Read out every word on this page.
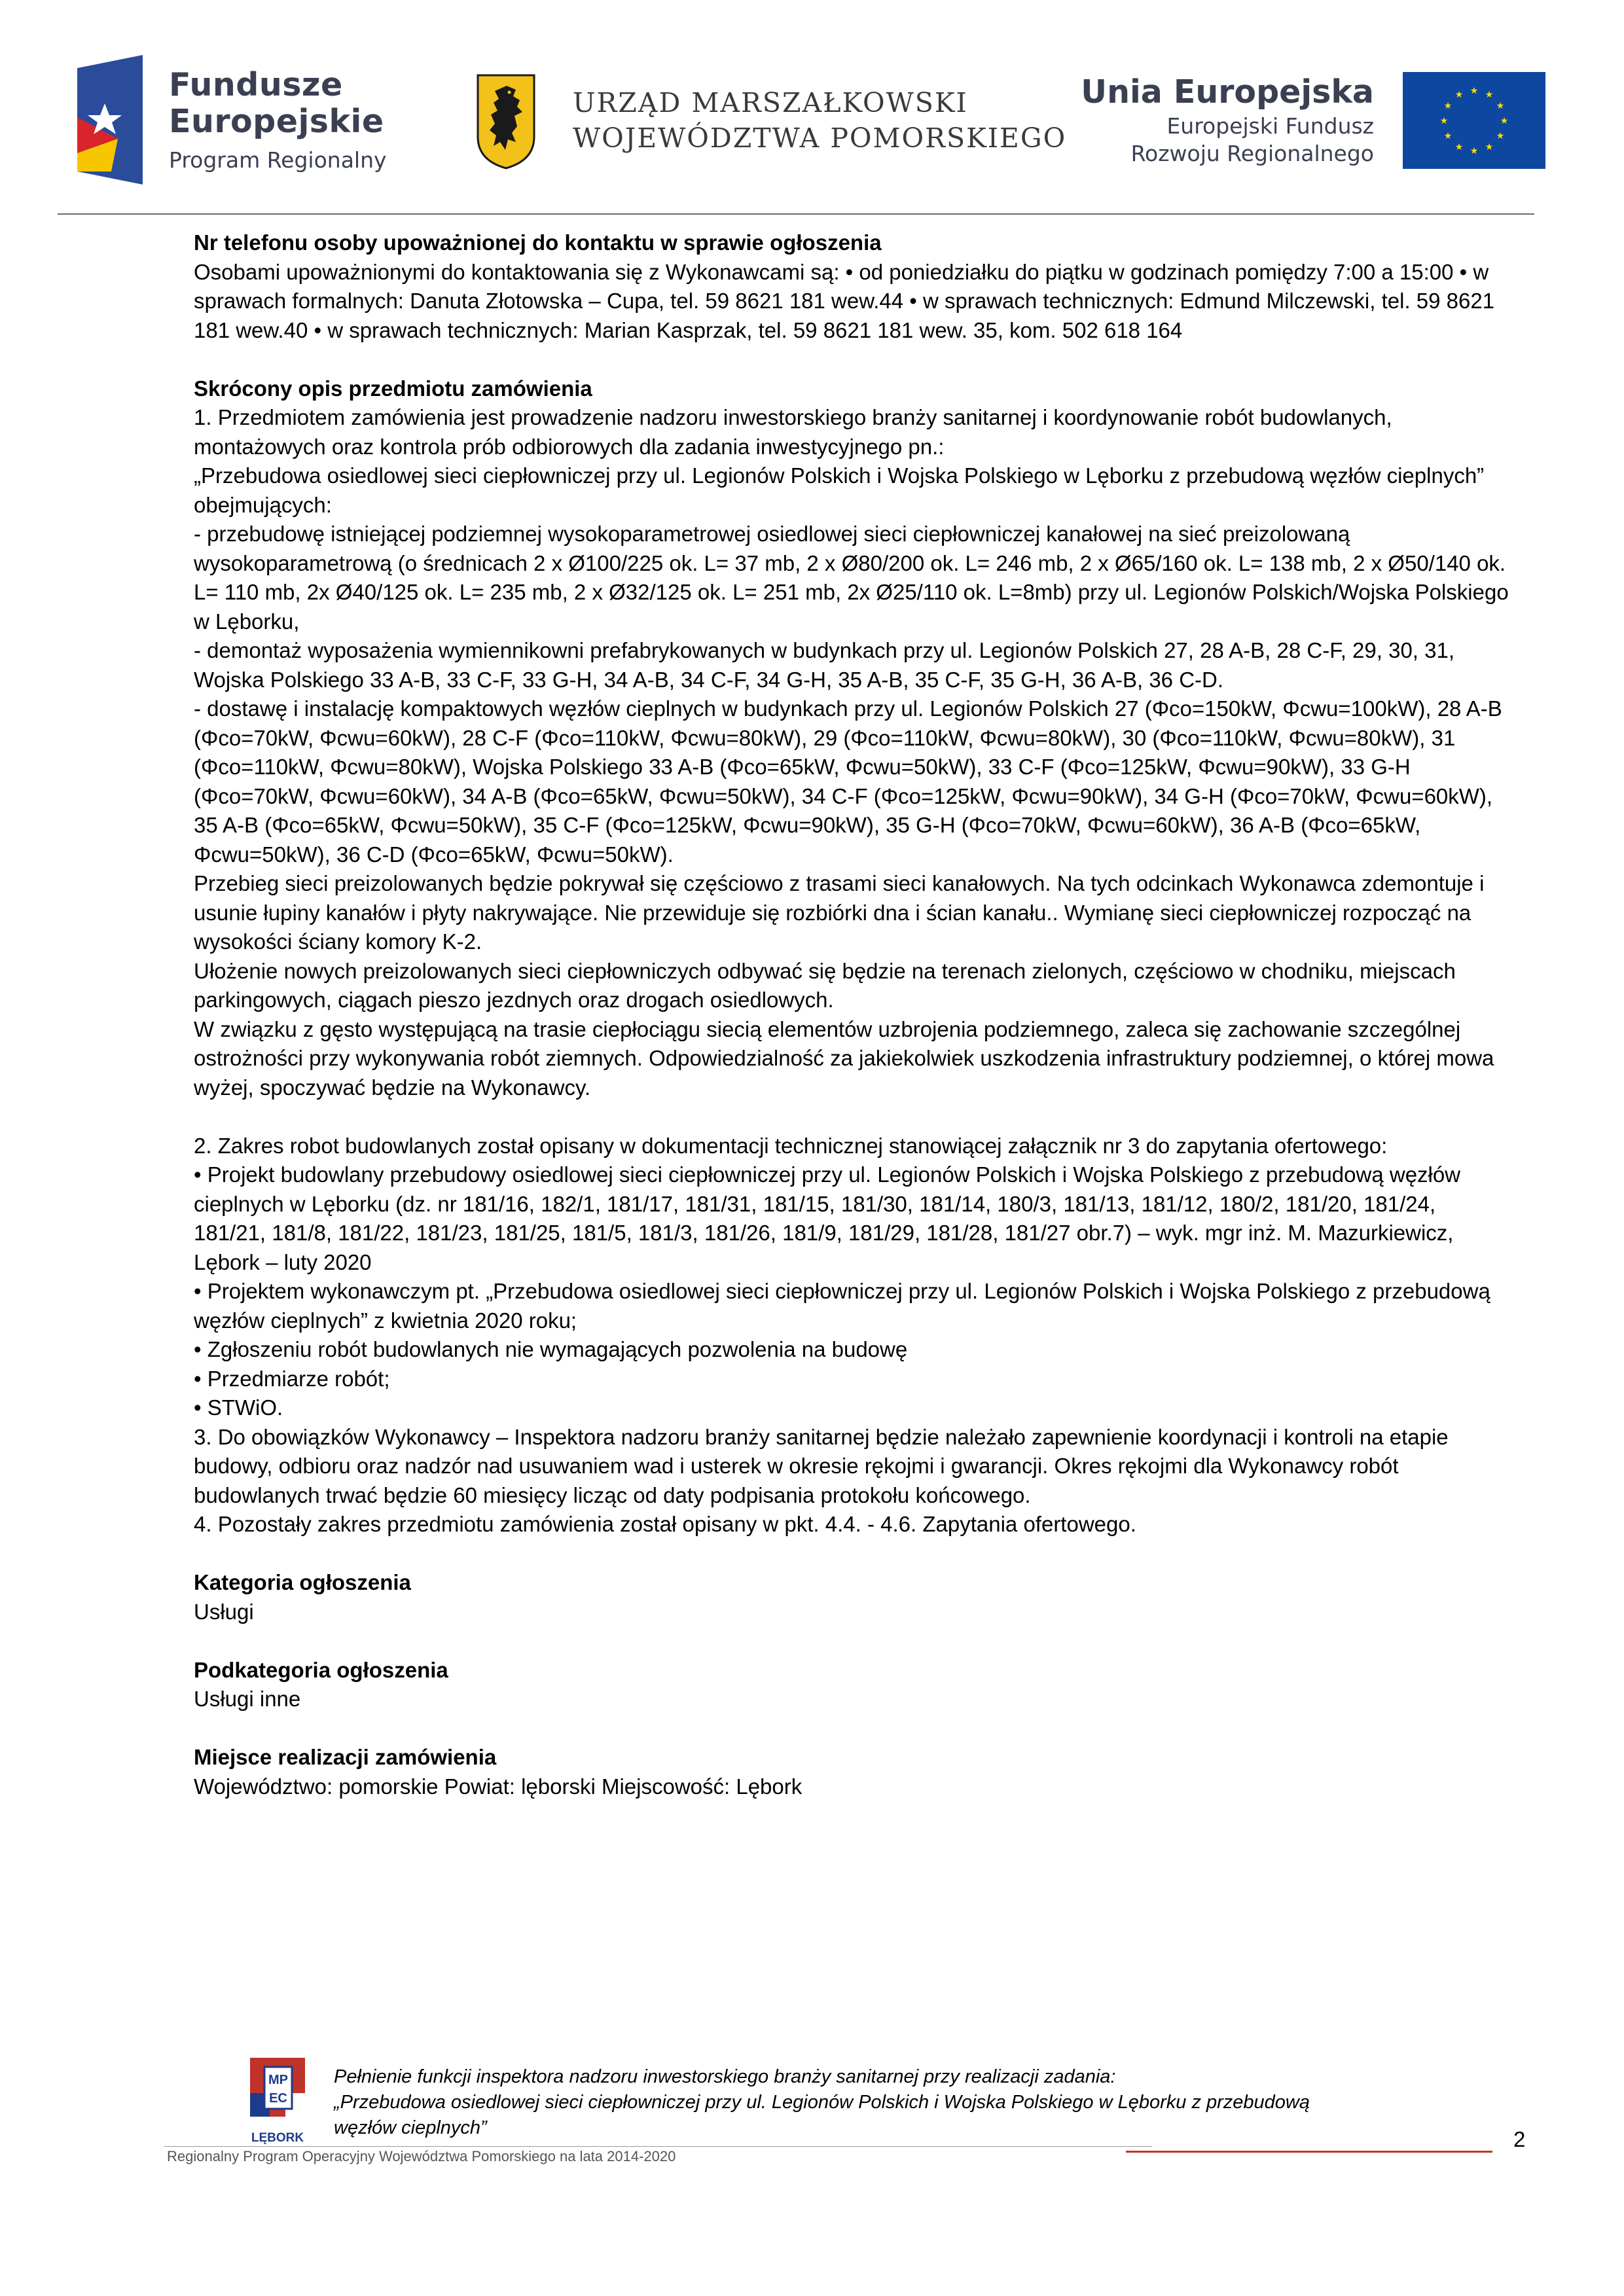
Fundusze
Europejskie
Program Regionalny
URZĄD MARSZAŁKOWSKI
WOJEWÓDZTWA POMORSKIEGO
Unia Europejska
Europejski Fundusz
Rozwoju Regionalnego
★ ★
★
★
★
★
★
★
★
★
★
★

Nr telefonu osoby upoważnionej do kontaktu w sprawie ogłoszenia

Osobami upoważnionymi do kontaktowania się z Wykonawcami są: • od poniedziałku do piątku w godzinach pomiędzy 7:00 a 15:00 • w sprawach formalnych: Danuta Złotowska – Cupa, tel. 59 8621 181 wew.44 • w sprawach technicznych: Edmund Milczewski, tel. 59 8621 181 wew.40 • w sprawach technicznych: Marian Kasprzak, tel. 59 8621 181 wew. 35, kom. 502 618 164

Skrócony opis przedmiotu zamówienia

1. Przedmiotem zamówienia jest prowadzenie nadzoru inwestorskiego branży sanitarnej i koordynowanie robót budowlanych, montażowych oraz kontrola prób odbiorowych dla zadania inwestycyjnego pn.:

„Przebudowa osiedlowej sieci ciepłowniczej przy ul. Legionów Polskich i Wojska Polskiego w Lęborku z przebudową węzłów cieplnych” obejmujących:

- przebudowę istniejącej podziemnej wysokoparametrowej osiedlowej sieci ciepłowniczej kanałowej na sieć preizolowaną wysokoparametrową (o średnicach 2 x Ø100/225 ok. L= 37 mb, 2 x Ø80/200 ok. L= 246 mb, 2 x Ø65/160 ok. L= 138 mb, 2 x Ø50/140 ok. L= 110 mb, 2x Ø40/125 ok. L= 235 mb, 2 x Ø32/125 ok. L= 251 mb, 2x Ø25/110 ok. L=8mb) przy ul. Legionów Polskich/Wojska Polskiego w Lęborku,

- demontaż wyposażenia wymiennikowni prefabrykowanych w budynkach przy ul. Legionów Polskich 27, 28 A-B, 28 C-F, 29, 30, 31, Wojska Polskiego 33 A-B, 33 C-F, 33 G-H, 34 A-B, 34 C-F, 34 G-H, 35 A-B, 35 C-F, 35 G-H, 36 A-B, 36 C-D.

- dostawę i instalację kompaktowych węzłów cieplnych w budynkach przy ul. Legionów Polskich 27 (Φco=150kW, Φcwu=100kW), 28 A-B (Φco=70kW, Φcwu=60kW), 28 C-F (Φco=110kW, Φcwu=80kW), 29 (Φco=110kW, Φcwu=80kW), 30 (Φco=110kW, Φcwu=80kW), 31 (Φco=110kW, Φcwu=80kW), Wojska Polskiego 33 A-B (Φco=65kW, Φcwu=50kW), 33 C-F (Φco=125kW, Φcwu=90kW), 33 G-H (Φco=70kW, Φcwu=60kW), 34 A-B (Φco=65kW, Φcwu=50kW), 34 C-F (Φco=125kW, Φcwu=90kW), 34 G-H (Φco=70kW, Φcwu=60kW), 35 A-B (Φco=65kW, Φcwu=50kW), 35 C-F (Φco=125kW, Φcwu=90kW), 35 G-H (Φco=70kW, Φcwu=60kW), 36 A-B (Φco=65kW, Φcwu=50kW), 36 C-D (Φco=65kW, Φcwu=50kW).

Przebieg sieci preizolowanych będzie pokrywał się częściowo z trasami sieci kanałowych. Na tych odcinkach Wykonawca zdemontuje i usunie łupiny kanałów i płyty nakrywające. Nie przewiduje się rozbiórki dna i ścian kanału.. Wymianę sieci ciepłowniczej rozpocząć na wysokości ściany komory K-2.

Ułożenie nowych preizolowanych sieci ciepłowniczych odbywać się będzie na terenach zielonych, częściowo w chodniku, miejscach parkingowych, ciągach pieszo jezdnych oraz drogach osiedlowych.

W związku z gęsto występującą na trasie ciepłociągu siecią elementów uzbrojenia podziemnego, zaleca się zachowanie szczególnej ostrożności przy wykonywania robót ziemnych. Odpowiedzialność za jakiekolwiek uszkodzenia infrastruktury podziemnej, o której mowa wyżej, spoczywać będzie na Wykonawcy.

2. Zakres robot budowlanych został opisany w dokumentacji technicznej stanowiącej załącznik nr 3 do zapytania ofertowego:

• Projekt budowlany przebudowy osiedlowej sieci ciepłowniczej przy ul. Legionów Polskich i Wojska Polskiego z przebudową węzłów cieplnych w Lęborku (dz. nr 181/16, 182/1, 181/17, 181/31, 181/15, 181/30, 181/14, 180/3, 181/13, 181/12, 180/2, 181/20, 181/24, 181/21, 181/8, 181/22, 181/23, 181/25, 181/5, 181/3, 181/26, 181/9, 181/29, 181/28, 181/27 obr.7) – wyk. mgr inż. M. Mazurkiewicz, Lębork – luty 2020

• Projektem wykonawczym pt. „Przebudowa osiedlowej sieci ciepłowniczej przy ul. Legionów Polskich i Wojska Polskiego z przebudową węzłów cieplnych” z kwietnia 2020 roku;

• Zgłoszeniu robót budowlanych nie wymagających pozwolenia na budowę

• Przedmiarze robót;

• STWiO.

3. Do obowiązków Wykonawcy – Inspektora nadzoru branży sanitarnej będzie należało zapewnienie koordynacji i kontroli na etapie budowy, odbioru oraz nadzór nad usuwaniem wad i usterek w okresie rękojmi i gwarancji. Okres rękojmi dla Wykonawcy robót budowlanych trwać będzie 60 miesięcy licząc od daty podpisania protokołu końcowego.

4. Pozostały zakres przedmiotu zamówienia został opisany w pkt. 4.4. - 4.6. Zapytania ofertowego.

Kategoria ogłoszenia

Usługi

Podkategoria ogłoszenia

Usługi inne

Miejsce realizacji zamówienia

Województwo: pomorskie Powiat: lęborski Miejscowość: Lębork

MP
EC
LĘBORK
Pełnienie funkcji inspektora nadzoru inwestorskiego branży sanitarnej przy realizacji zadania:
„Przebudowa osiedlowej sieci ciepłowniczej przy ul. Legionów Polskich i Wojska Polskiego w Lęborku z przebudową
węzłów cieplnych”
Regionalny Program Operacyjny Województwa Pomorskiego na lata 2014-2020
2
